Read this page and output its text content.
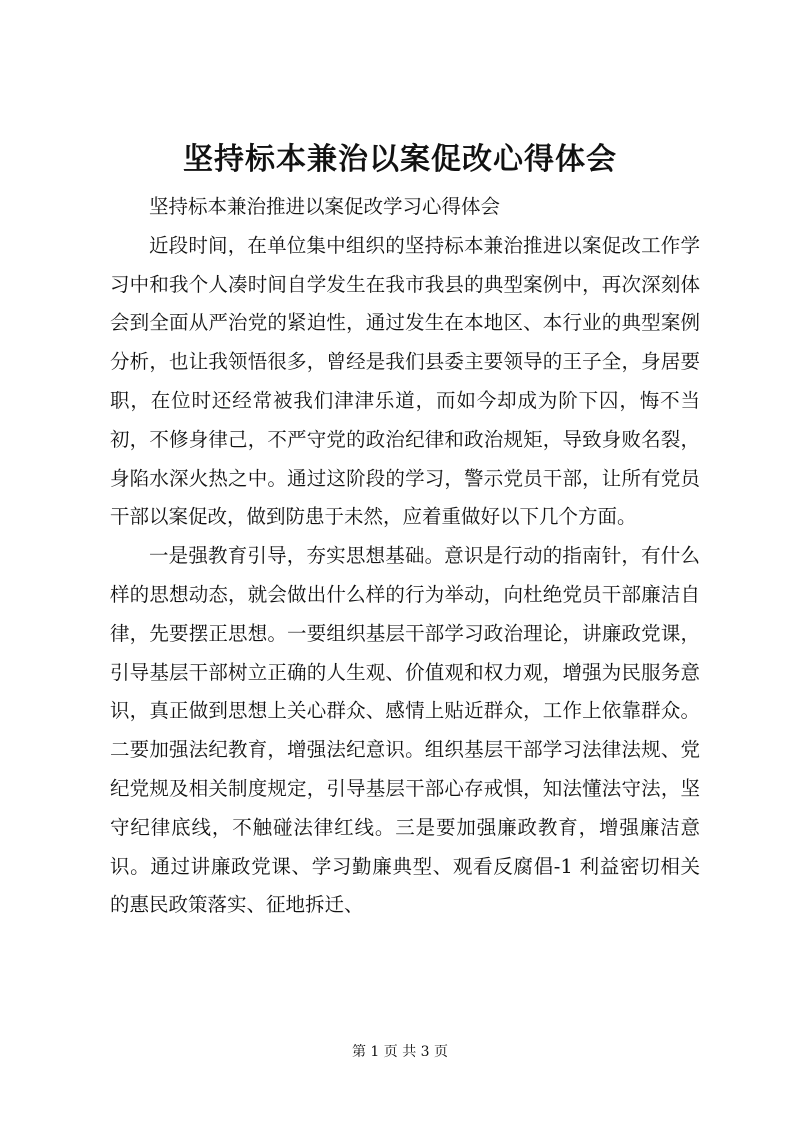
坚持标本兼治以案促改心得体会

坚持标本兼治推进以案促改学习心得体会

近段时间，在单位集中组织的坚持标本兼治推进以案促改工作学习中和我个人凑时间自学发生在我市我县的典型案例中，再次深刻体会到全面从严治党的紧迫性，通过发生在本地区、本行业的典型案例分析，也让我领悟很多，曾经是我们县委主要领导的王子全，身居要职，在位时还经常被我们津津乐道，而如今却成为阶下囚，悔不当初，不修身律己，不严守党的政治纪律和政治规矩，导致身败名裂，身陷水深火热之中。通过这阶段的学习，警示党员干部，让所有党员干部以案促改，做到防患于未然，应着重做好以下几个方面。

一是强教育引导，夯实思想基础。意识是行动的指南针，有什么样的思想动态，就会做出什么样的行为举动，向杜绝党员干部廉洁自律，先要摆正思想。一要组织基层干部学习政治理论，讲廉政党课，引导基层干部树立正确的人生观、价值观和权力观，增强为民服务意识，真正做到思想上关心群众、感情上贴近群众，工作上依靠群众。二要加强法纪教育，增强法纪意识。组织基层干部学习法律法规、党纪党规及相关制度规定，引导基层干部心存戒惧，知法懂法守法，坚守纪律底线，不触碰法律红线。三是要加强廉政教育，增强廉洁意识。通过讲廉政党课、学习勤廉典型、观看反腐倡-1 利益密切相关的惠民政策落实、征地拆迁、

第 1 页 共 3 页
